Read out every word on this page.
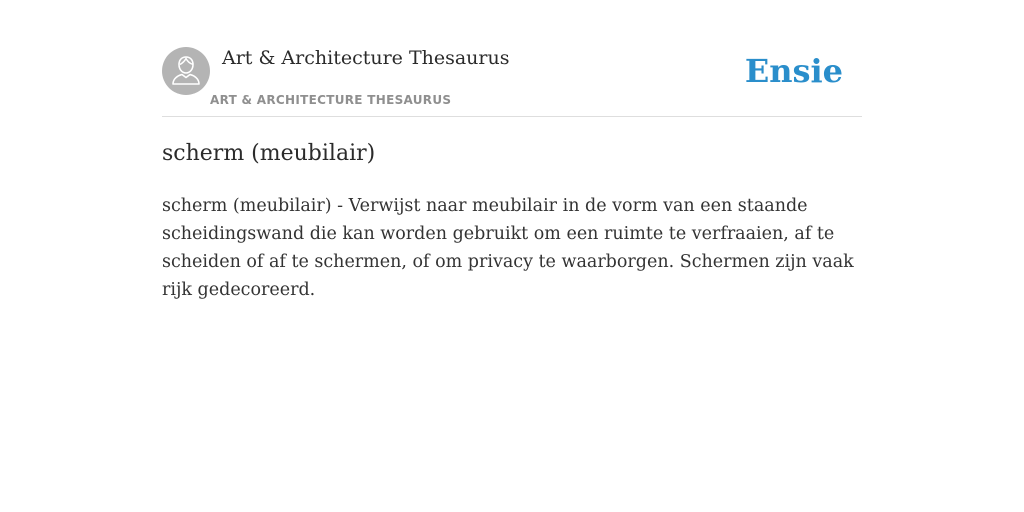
Art & Architecture Thesaurus
ART & ARCHITECTURE THESAURUS
Ensie
scherm (meubilair)

scherm (meubilair) - Verwijst naar meubilair in de vorm van een staande scheidingswand die kan worden gebruikt om een ruimte te verfraaien, af te scheiden of af te schermen, of om privacy te waarborgen. Schermen zijn vaak rijk gedecoreerd.
